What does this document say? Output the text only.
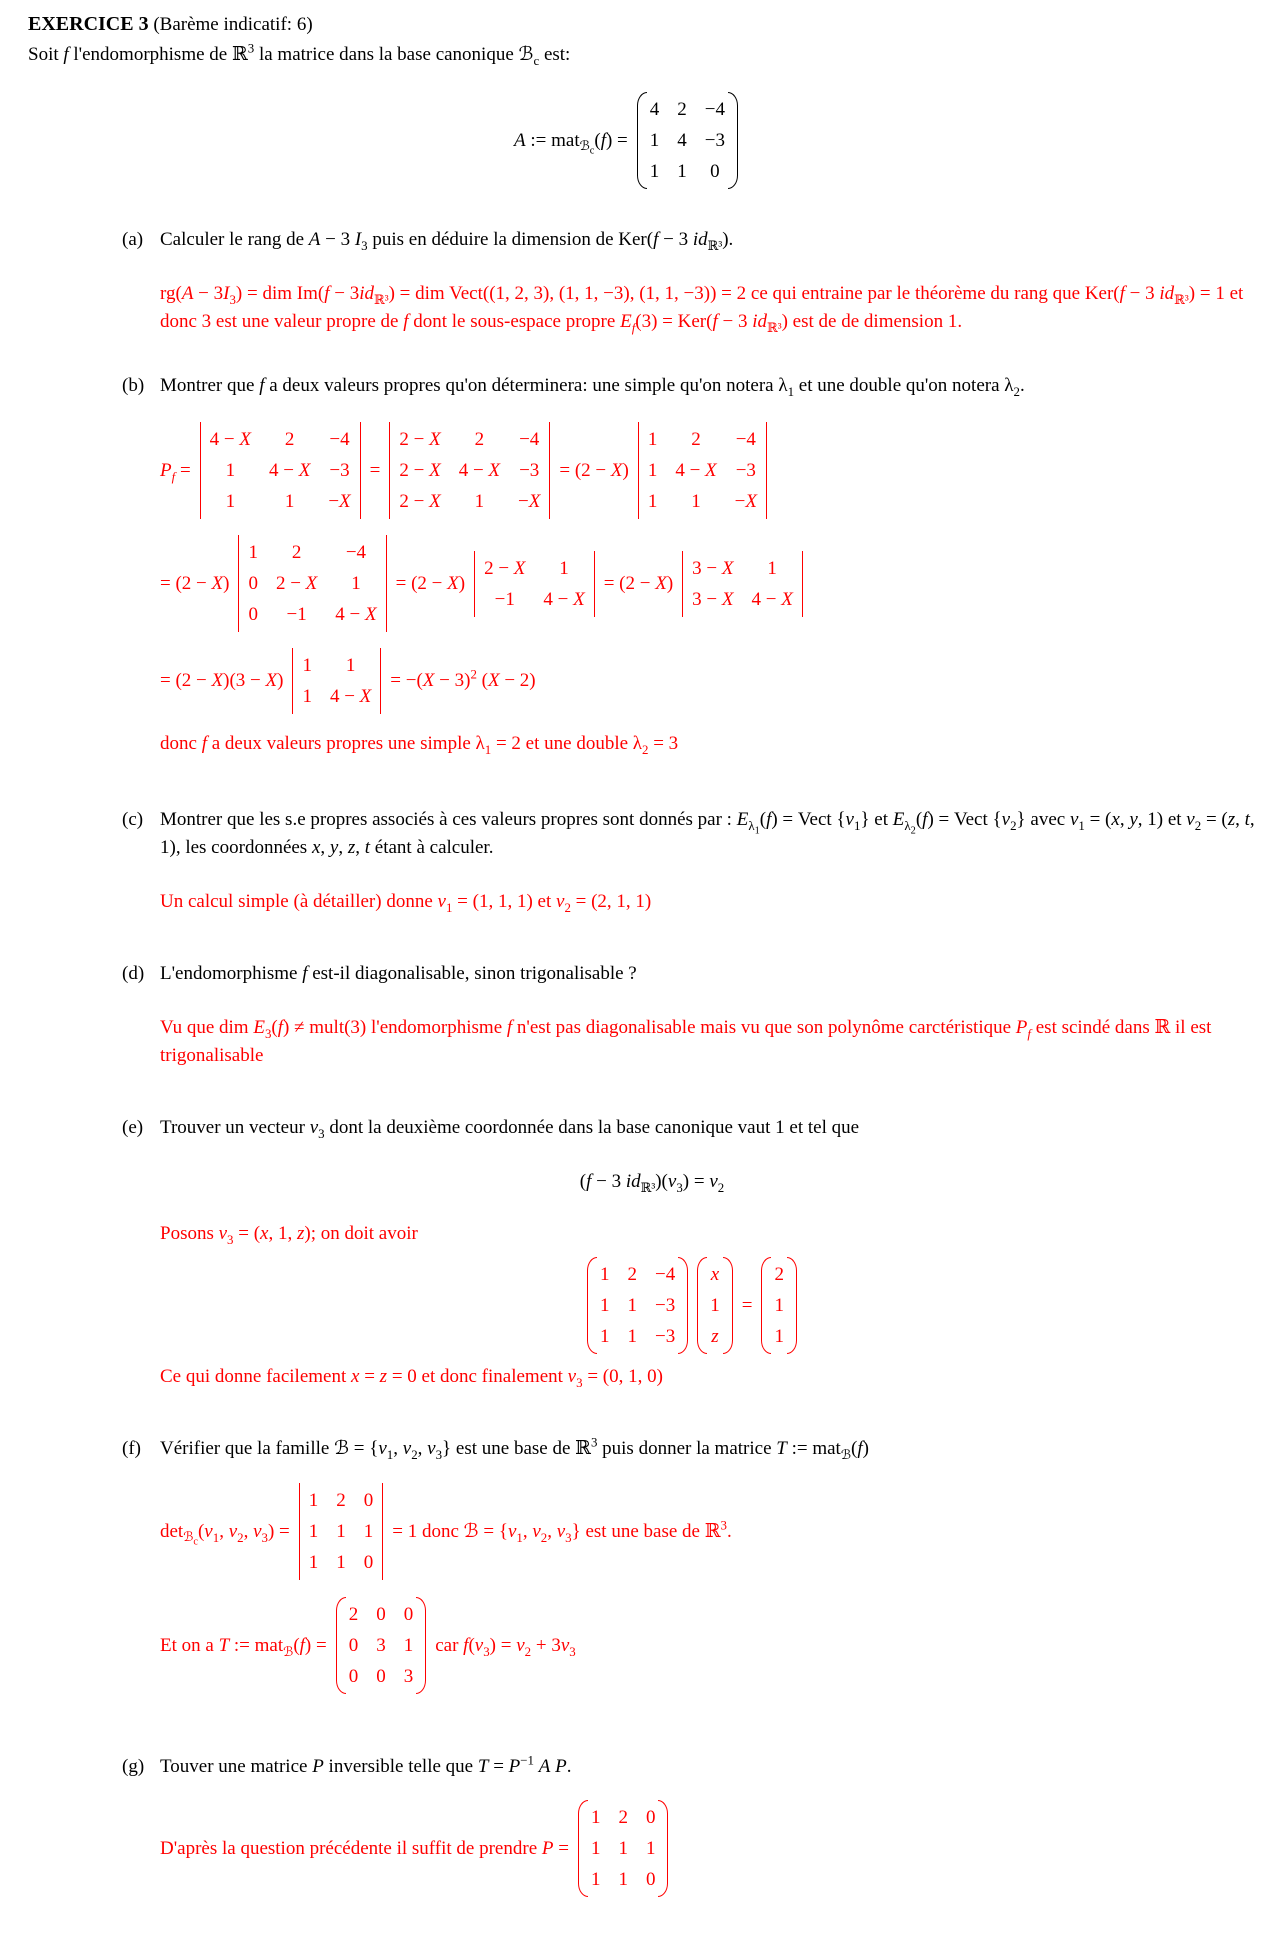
EXERCICE 3 (Barème indicatif: 6)
Soit f l'endomorphisme de ℝ$^3$ la matrice dans la base canonique ℬ$_c$ est:
A := mat$_{ℬ_c}$(f) =
4 2 −4
1 4 −3
1 1 0
(a) Calculer le rang de A − 3 $I_3$ puis en déduire la dimension de Ker(f − 3 $id_{ℝ^3}$).
$rg(A - 3I_3)$ = dim $Im(f - 3id_{ℝ^3})$ = dim Vect((1, 2, 3), (1, 1, −3), (1, 1, −3)) = 2 ce qui entraine par le théorème du rang que Ker(f − 3 $id_{ℝ^3}) = 1$ et donc 3 est une valeur propre de f dont le sous-espace propre $E_f(3) = Ker(f - 3$ $id_{ℝ^3}$) est de de dimension 1.
(b) Montrer que f a deux valeurs propres qu'on déterminera: une simple qu'on notera $\lambda_1$ et une double qu'on notera $\lambda_2$.
$P_f$ =
4 − X 2 −4
1 4 − X −3
1	1 −X
=
2 − X 2 −4
2 − X 4 − X −3
2 − X 1 −X
= (2 − X)
1 2 −4
1 4 − X −3
1 1 −X
= (2 − X)
1 2 −4
0 2 − X 1
0 −1 4 − X
= (2 − X)
2 − X 1
−1 4 − X
= (2 − X)
3 − X 1
3 − X 4 − X
= (2 − X)(3 − X)
1 1
1 4 − X
= $-(X - 3)^2$ (X − 2)
donc f a deux valeurs propres une simple $\lambda_1 = 2$ et une double $\lambda_2 = 3$
(c) Montrer que les s.e propres associés à ces valeurs propres sont donnés par : $E_{\lambda_1}(f)$ = Vect $\{v_1\}$ et $E_{\lambda_2}(f)$ = Vect $\{v_2\}$ avec $v_1 = (x$, y, 1) et $v_2 = (z$, t, 1), les coordonnées x, y, z, t étant à calculer.
Un calcul simple (à détailler) donne $v_1 = (1$, 1, 1) et $v_2 = (2$, 1, 1)
(d) L'endomorphisme f est-il diagonalisable, sinon trigonalisable ?
Vu que dim $E_3(f)$ ≠ mult(3) l'endomorphisme f n'est pas diagonalisable mais vu que son polynôme carctéristique $P_f$ est scindé dans ℝ il est trigonalisable
(e) Trouver un vecteur $v_3$ dont la deuxième coordonnée dans la base canonique vaut 1 et tel que
(f − 3 $id_{ℝ^3})(v_3) = v_2$
Posons $v_3 = (x$, 1, z); on doit avoir
1 2 −4
1 1 −3
1 1 −3
x
1
z
=
2
1
1
Ce qui donne facilement x = z = 0 et donc finalement $v_3 = (0$, 1, 0)
(f)	Vérifier que la famille ℬ = {$v_1$, $v_2$, $v_3$} est une base de ℝ$^3$ puis donner la matrice T := mat$_ℬ$(f)
$\det_{ℬ_c}(v_1$, $v_2$, $v_3$) =
1 2 0
1 1 1
1 1 0
= 1 donc ℬ = {$v_1$, $v_2$, $v_3$} est une base de ℝ$^3$.
Et on a T := mat$_ℬ$(f) =
2 0 0
0 3 1
0 0 3
car $f(v_3) = v_2 + 3v_3$
(g) Touver une matrice P inversible telle que $T = P^{-1}$ A P.
D'après la question précédente il suffit de prendre P =
1 2 0
1 1 1
1 1 0
